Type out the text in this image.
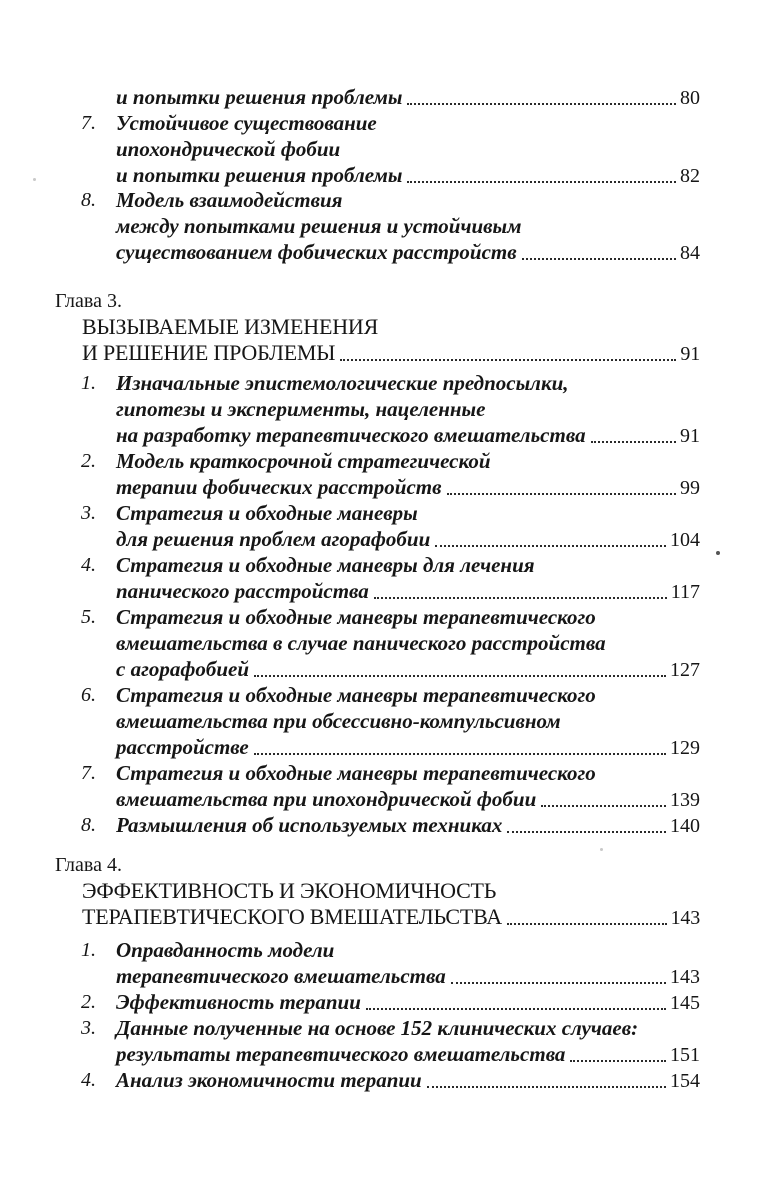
и попытки решения проблемы	80
7. Устойчивое существование
ипохондрической фобии
и попытки решения проблемы	82
8. Модель взаимодействия
между попытками решения и устойчивым
существованием фобических расстройств	84
Глава 3.
ВЫЗЫВАЕМЫЕ ИЗМЕНЕНИЯ
И РЕШЕНИЕ ПРОБЛЕМЫ	91
1. Изначальные эпистемологические предпосылки,
гипотезы и эксперименты, нацеленные
на разработку терапевтического вмешательства	91
2. Модель краткосрочной стратегической
терапии фобических расстройств	99
3. Стратегия и обходные маневры
для решения проблем агорафобии	104
4. Стратегия и обходные маневры для лечения
панического расстройства	117
5. Стратегия и обходные маневры терапевтического
вмешательства в случае панического расстройства
с агорафобией	127
6. Стратегия и обходные маневры терапевтического
вмешательства при обсессивно-компульсивном
расстройстве	129
7. Стратегия и обходные маневры терапевтического
вмешательства при ипохондрической фобии	139
8. Размышления об используемых техниках	140
Глава 4.
ЭФФЕКТИВНОСТЬ И ЭКОНОМИЧНОСТЬ
ТЕРАПЕВТИЧЕСКОГО ВМЕШАТЕЛЬСТВА	143
1. Оправданность модели
терапевтического вмешательства	143
2. Эффективность терапии	145
3. Данные полученные на основе 152 клинических случаев:
результаты терапевтического вмешательства	151
4. Анализ экономичности терапии	154
